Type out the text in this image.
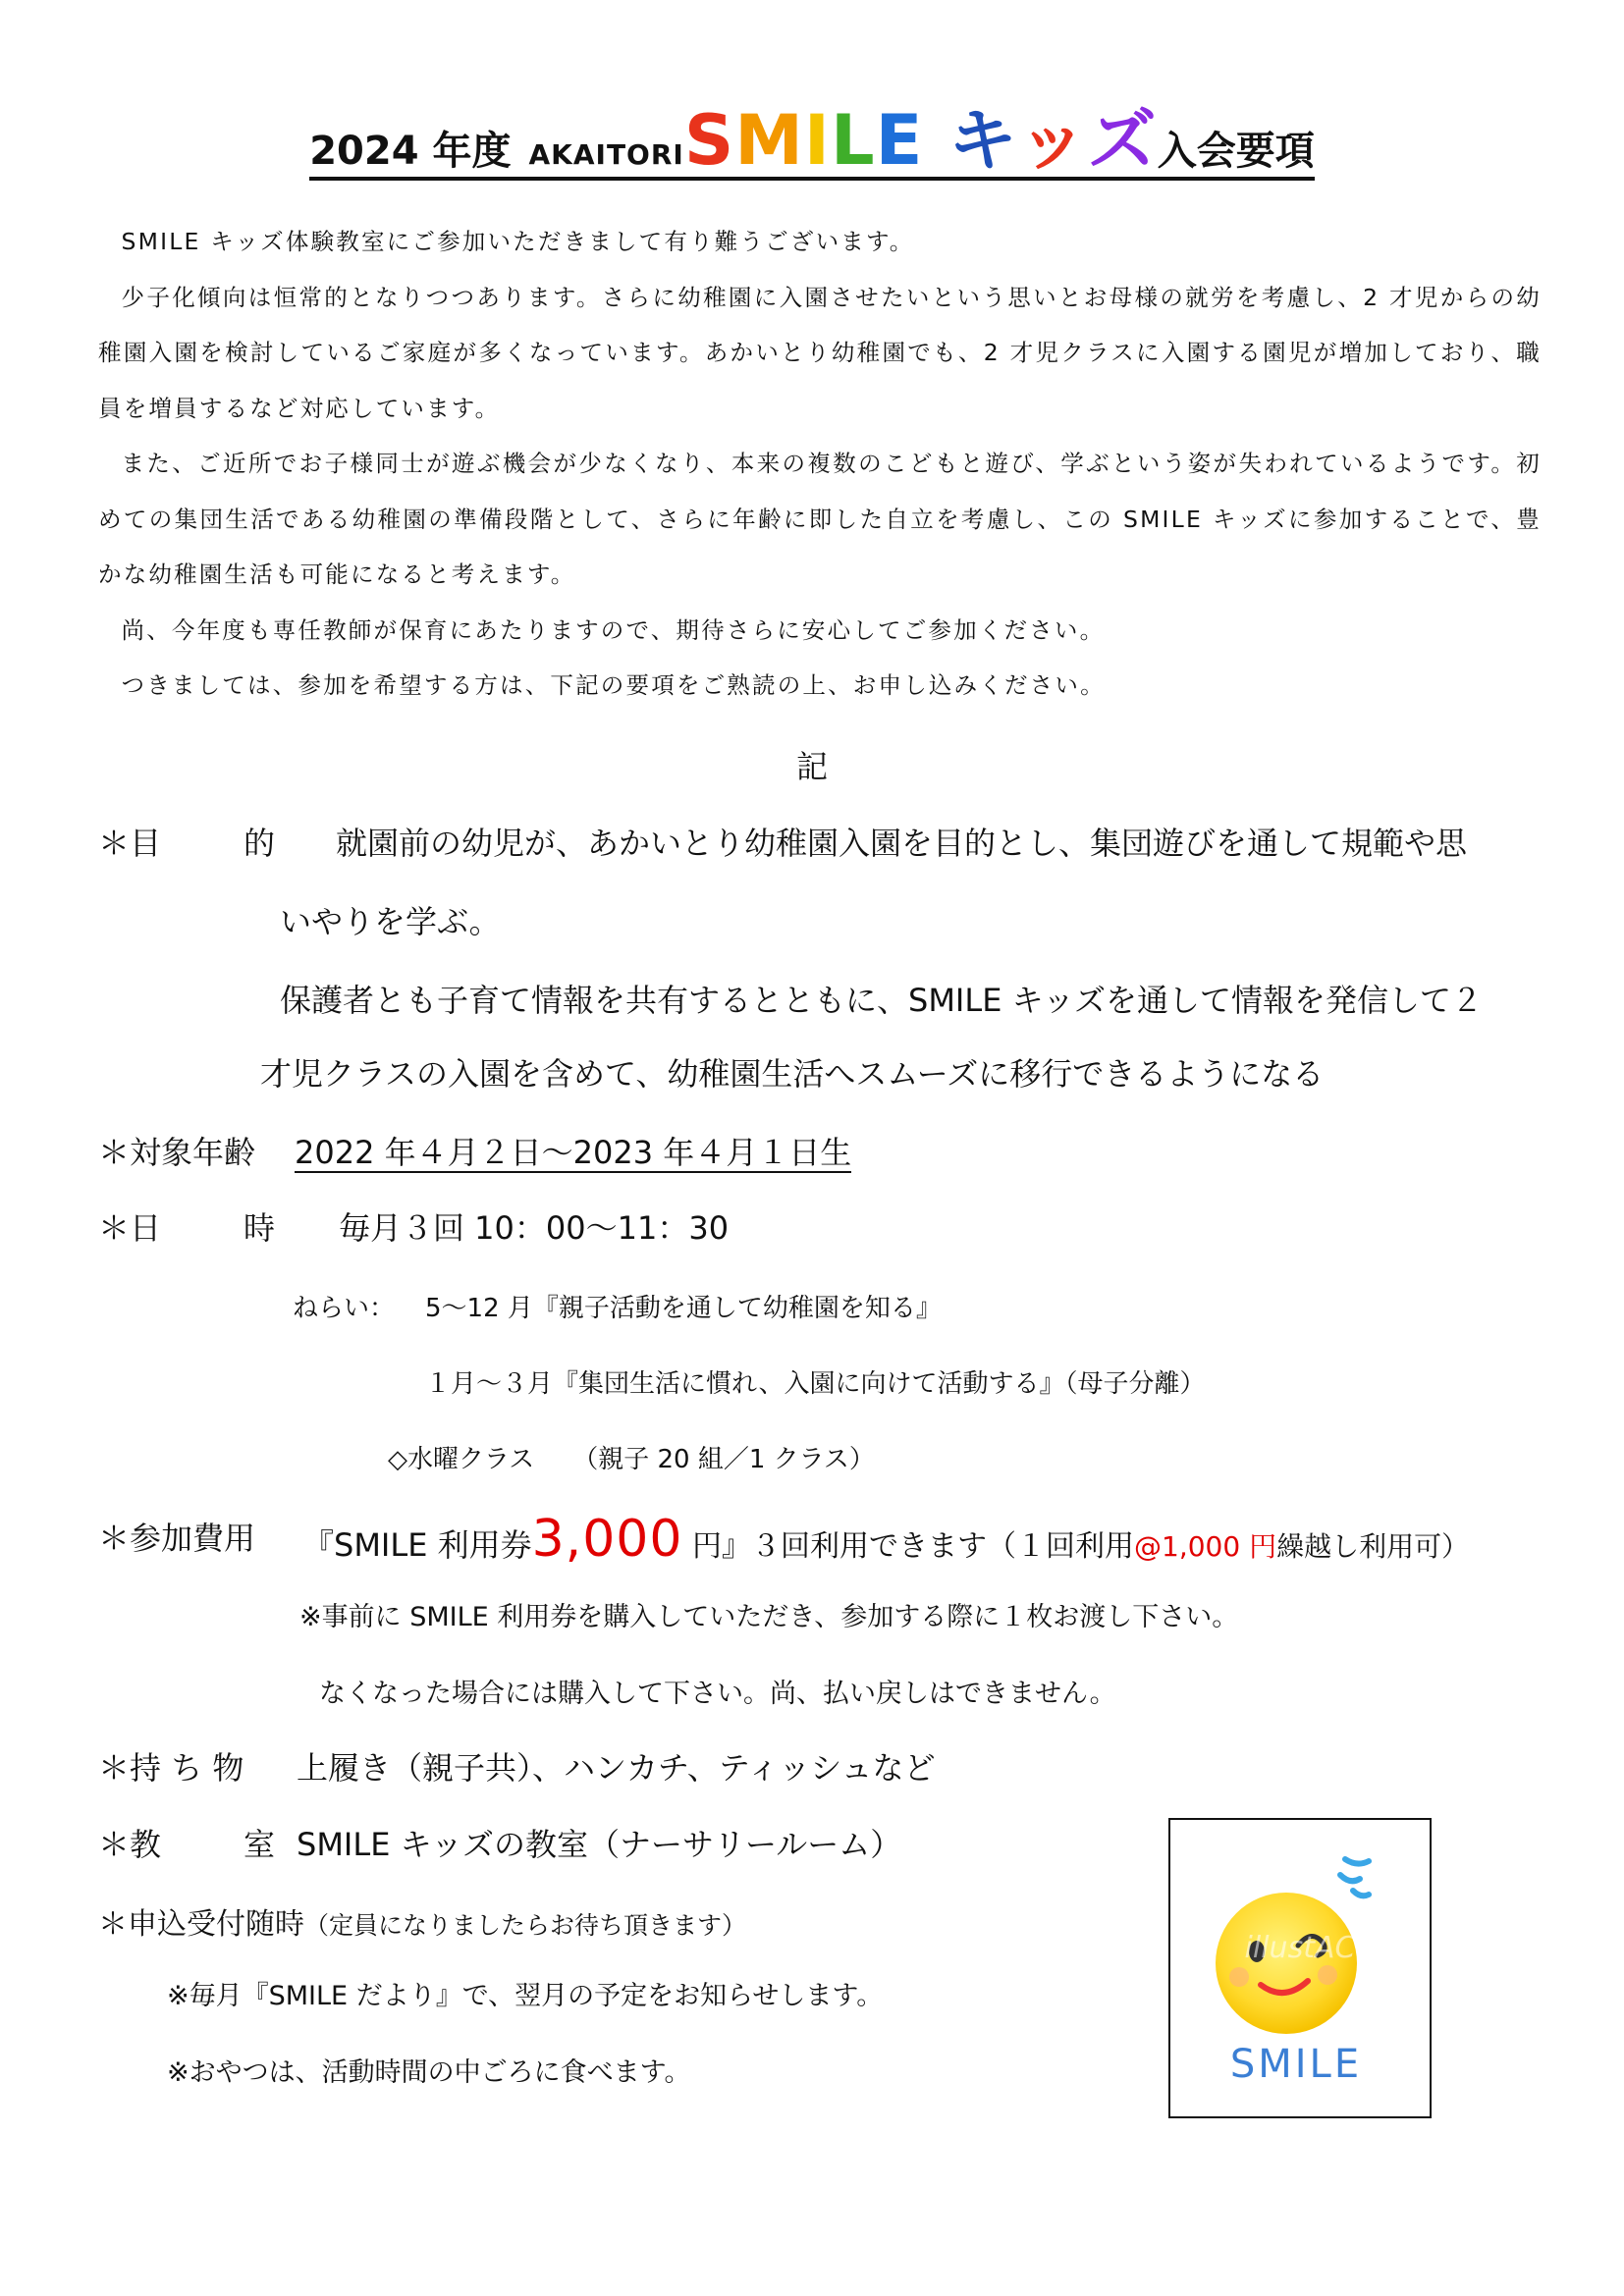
2024 年度 AKAITORISMILE キッズ入会要項

SMILE キッズ体験教室にご参加いただきまして有り難うございます。

少子化傾向は恒常的となりつつあります。さらに幼稚園に入園させたいという思いとお母様の就労を考慮し、2 才児からの幼稚園入園を検討しているご家庭が多くなっています。あかいとり幼稚園でも、2 才児クラスに入園する園児が増加しており、職員を増員するなど対応しています。

また、ご近所でお子様同士が遊ぶ機会が少なくなり、本来の複数のこどもと遊び、学ぶという姿が失われているようです。初めての集団生活である幼稚園の準備段階として、さらに年齢に即した自立を考慮し、この SMILE キッズに参加することで、豊かな幼稚園生活も可能になると考えます。

尚、今年度も専任教師が保育にあたりますので、期待さらに安心してご参加ください。

つきましては、参加を希望する方は、下記の要項をご熟読の上、お申し込みください。

記
＊目	的 就園前の幼児が、あかいとり幼稚園入園を目的とし、集団遊びを通して規範や思
いやりを学ぶ。
保護者とも子育て情報を共有するとともに、SMILE キッズを通して情報を発信して２
才児クラスの入園を含めて、幼稚園生活へスムーズに移行できるようになる
＊対象年齢 2022 年４月２日～2023 年４月１日生
＊日	時 毎月３回 10：00～11：30
ねらい： 5～12 月『親子活動を通して幼稚園を知る』
１月～３月『集団生活に慣れ、入園に向けて活動する』（母子分離）
◇水曜クラス　　（親子 20 組／1 クラス）
＊参加費用 『SMILE 利用券3,000 円』３回利用できます（１回利用@1,000 円繰越し利用可）
※事前に SMILE 利用券を購入していただき、参加する際に１枚お渡し下さい。
なくなった場合には購入して下さい。尚、払い戻しはできません。
＊持 ち 物 上履き（親子共）、ハンカチ、ティッシュなど
＊教	室 SMILE キッズの教室（ナーサリールーム）
＊申込受付随時（定員になりましたらお待ち頂きます）
※毎月『SMILE だより』で、翌月の予定をお知らせします。
※おやつは、活動時間の中ごろに食べます。
illustAC
SMILE
